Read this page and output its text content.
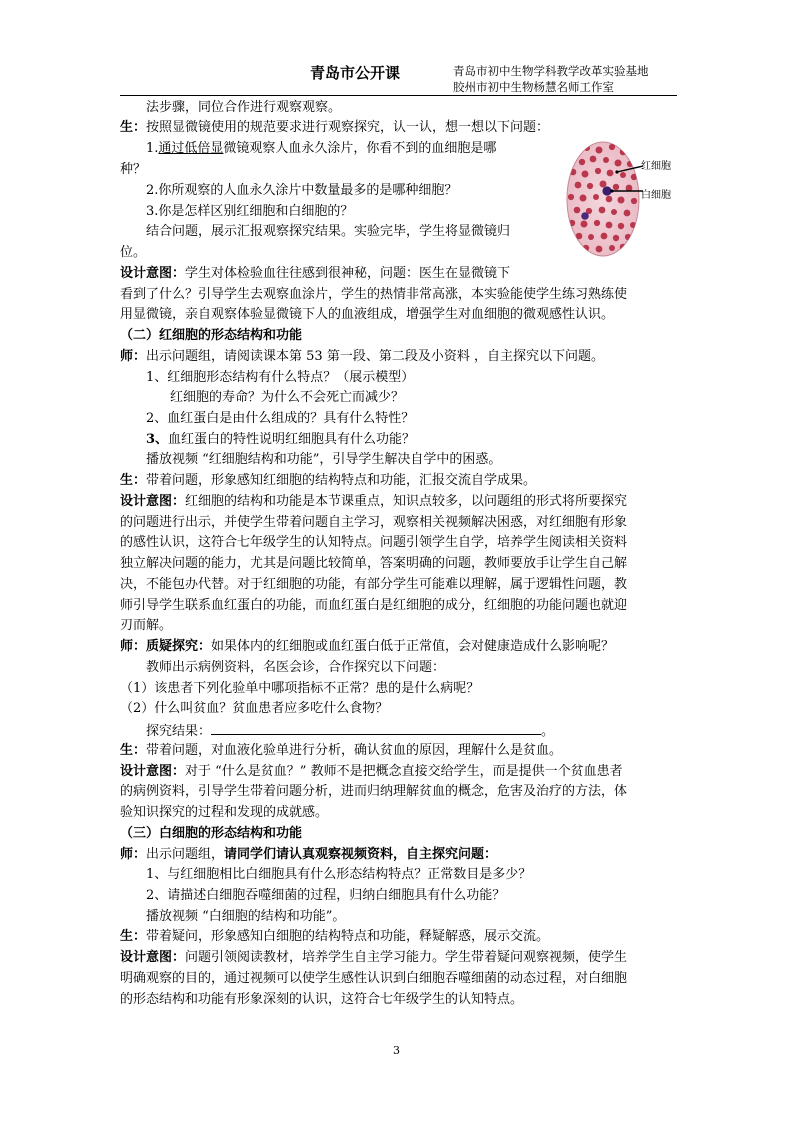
青岛市公开课	青岛市初中生物学科教学改革实验基地
胶州市初中生物杨慧名师工作室
红细胞
白细胞
法步骤，同位合作进行观察观察。
生：按照显微镜使用的规范要求进行观察探究，认一认，想一想以下问题：
1.通过低倍显微镜观察人血永久涂片，你看不到的血细胞是哪
种？
2.你所观察的人血永久涂片中数量最多的是哪种细胞？
3.你是怎样区别红细胞和白细胞的？
结合问题，展示汇报观察探究结果。实验完毕，学生将显微镜归
位。
设计意图：学生对体检验血往往感到很神秘，问题：医生在显微镜下
看到了什么？引导学生去观察血涂片，学生的热情非常高涨，本实验能使学生练习熟练使
用显微镜，亲自观察体验显微镜下人的血液组成，增强学生对血细胞的微观感性认识。
（二）红细胞的形态结构和功能
师：出示问题组，请阅读课本第 53 第一段、第二段及小资料 ，自主探究以下问题。
1、红细胞形态结构有什么特点？（展示模型）
红细胞的寿命？为什么不会死亡而减少？
2、血红蛋白是由什么组成的？具有什么特性？
3、血红蛋白的特性说明红细胞具有什么功能？
播放视频 “红细胞结构和功能”，引导学生解决自学中的困惑。
生：带着问题，形象感知红细胞的结构特点和功能，汇报交流自学成果。
设计意图：红细胞的结构和功能是本节课重点，知识点较多，以问题组的形式将所要探究
的问题进行出示，并使学生带着问题自主学习，观察相关视频解决困惑，对红细胞有形象
的感性认识，这符合七年级学生的认知特点。问题引领学生自学，培养学生阅读相关资料
独立解决问题的能力，尤其是问题比较简单，答案明确的问题，教师要放手让学生自己解
决，不能包办代替。对于红细胞的功能，有部分学生可能难以理解，属于逻辑性问题，教
师引导学生联系血红蛋白的功能，而血红蛋白是红细胞的成分，红细胞的功能问题也就迎
刃而解。
师：质疑探究：如果体内的红细胞或血红蛋白低于正常值，会对健康造成什么影响呢？
教师出示病例资料，名医会诊，合作探究以下问题：
（1）该患者下列化验单中哪项指标不正常？患的是什么病呢？
（2）什么叫贫血？贫血患者应多吃什么食物？
探究结果：	。
生：带着问题，对血液化验单进行分析，确认贫血的原因，理解什么是贫血。
设计意图：对于 “什么是贫血？” 教师不是把概念直接交给学生，而是提供一个贫血患者
的病例资料，引导学生带着问题分析，进而归纳理解贫血的概念，危害及治疗的方法，体
验知识探究的过程和发现的成就感。
（三）白细胞的形态结构和功能
师：出示问题组，请同学们请认真观察视频资料，自主探究问题：
1、与红细胞相比白细胞具有什么形态结构特点？正常数目是多少？
2、请描述白细胞吞噬细菌的过程，归纳白细胞具有什么功能？
播放视频 “白细胞的结构和功能”。
生：带着疑问，形象感知白细胞的结构特点和功能，释疑解惑，展示交流。
设计意图：问题引领阅读教材，培养学生自主学习能力。学生带着疑问观察视频，使学生
明确观察的目的，通过视频可以使学生感性认识到白细胞吞噬细菌的动态过程，对白细胞
的形态结构和功能有形象深刻的认识，这符合七年级学生的认知特点。
3
